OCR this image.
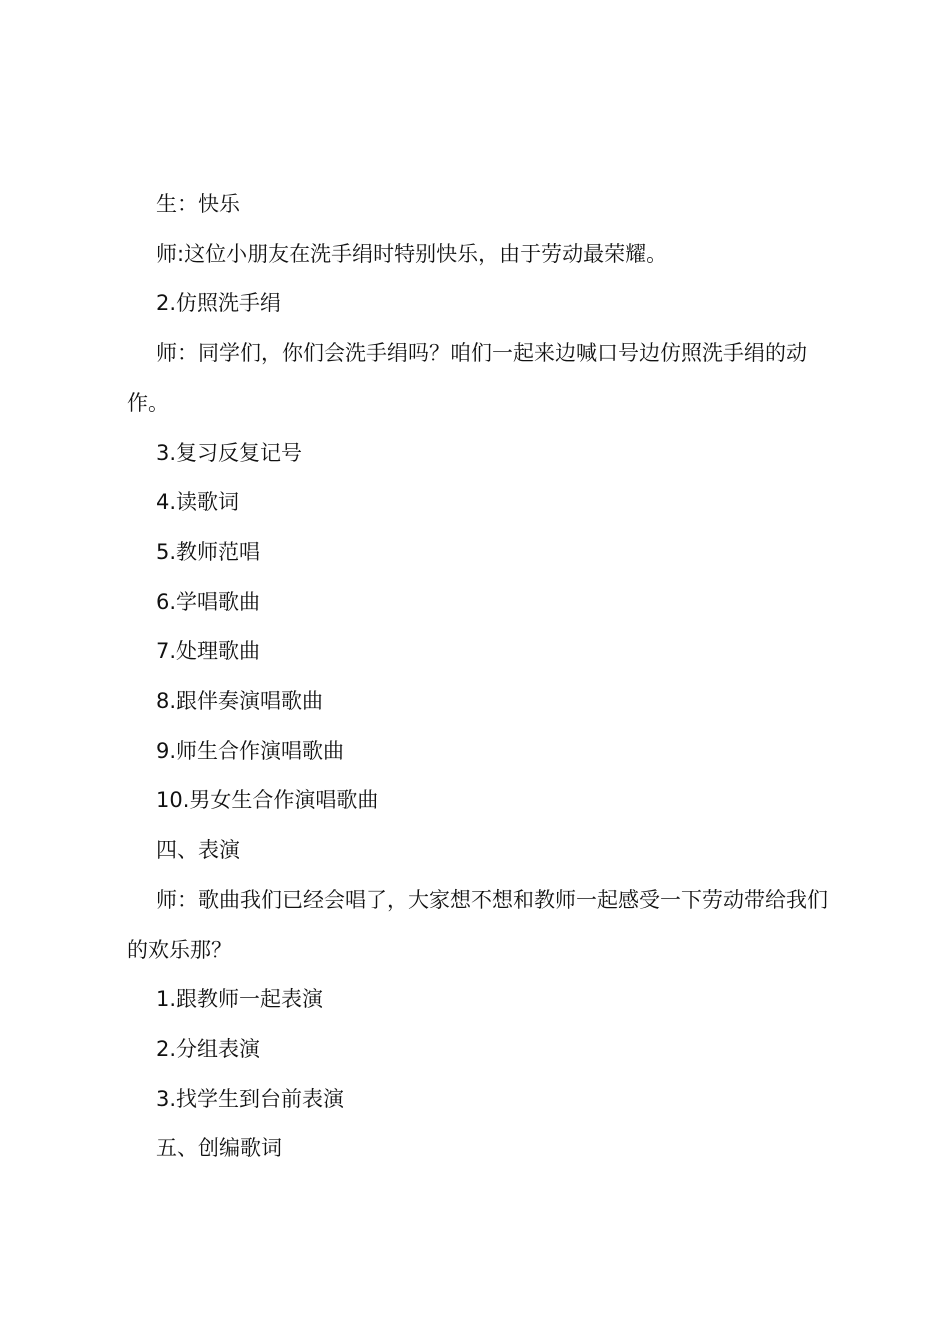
生：快乐

师:这位小朋友在洗手绢时特别快乐，由于劳动最荣耀。

2.仿照洗手绢

师：同学们，你们会洗手绢吗？咱们一起来边喊口号边仿照洗手绢的动作。

3.复习反复记号

4.读歌词

5.教师范唱

6.学唱歌曲

7.处理歌曲

8.跟伴奏演唱歌曲

9.师生合作演唱歌曲

10.男女生合作演唱歌曲

四、表演

师：歌曲我们已经会唱了，大家想不想和教师一起感受一下劳动带给我们的欢乐那？

1.跟教师一起表演

2.分组表演

3.找学生到台前表演

五、创编歌词
